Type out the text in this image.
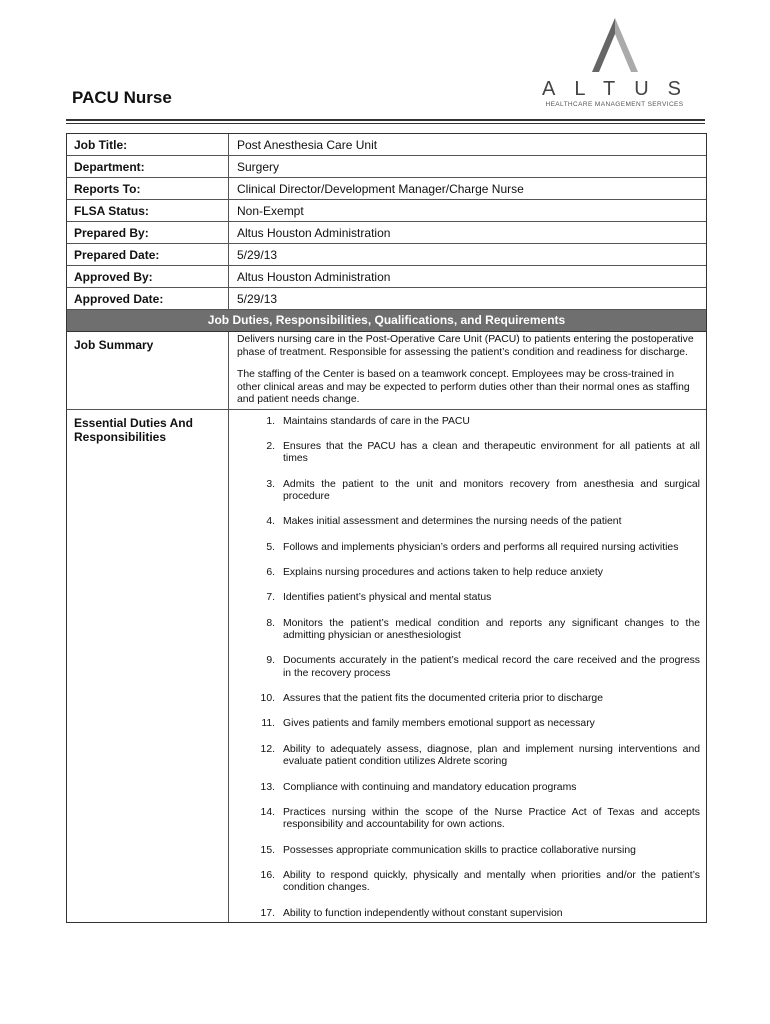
ALTUS
HEALTHCARE MANAGEMENT SERVICES
PACU Nurse
Job Title:	Post Anesthesia Care Unit
Department:	Surgery
Reports To:	Clinical Director/Development Manager/Charge Nurse
FLSA Status:	Non-Exempt
Prepared By:	Altus Houston Administration
Prepared Date:	5/29/13
Approved By:	Altus Houston Administration
Approved Date:	5/29/13
Job Duties, Responsibilities, Qualifications, and Requirements
Job Summary	Delivers nursing care in the Post-Operative Care Unit (PACU) to patients entering the postoperative phase of treatment. Responsible for assessing the patient’s condition and readiness for discharge.

The staffing of the Center is based on a teamwork concept. Employees may be cross-trained in other clinical areas and may be expected to perform duties other than their normal ones as staffing and patient needs change.

Essential Duties And Responsibilities
1. Maintains standards of care in the PACU
2. Ensures that the PACU has a clean and therapeutic environment for all patients at all times
3. Admits the patient to the unit and monitors recovery from anesthesia and surgical procedure
4. Makes initial assessment and determines the nursing needs of the patient
5. Follows and implements physician’s orders and performs all required nursing activities
6. Explains nursing procedures and actions taken to help reduce anxiety
7. Identifies patient’s physical and mental status
8. Monitors the patient’s medical condition and reports any significant changes to the admitting physician or anesthesiologist
9. Documents accurately in the patient’s medical record the care received and the progress in the recovery process
10. Assures that the patient fits the documented criteria prior to discharge
11. Gives patients and family members emotional support as necessary
12. Ability to adequately assess, diagnose, plan and implement nursing interventions and evaluate patient condition utilizes Aldrete scoring
13. Compliance with continuing and mandatory education programs
14. Practices nursing within the scope of the Nurse Practice Act of Texas and accepts responsibility and accountability for own actions.
15. Possesses appropriate communication skills to practice collaborative nursing
16. Ability to respond quickly, physically and mentally when priorities and/or the patient’s condition changes.
17. Ability to function independently without constant supervision
